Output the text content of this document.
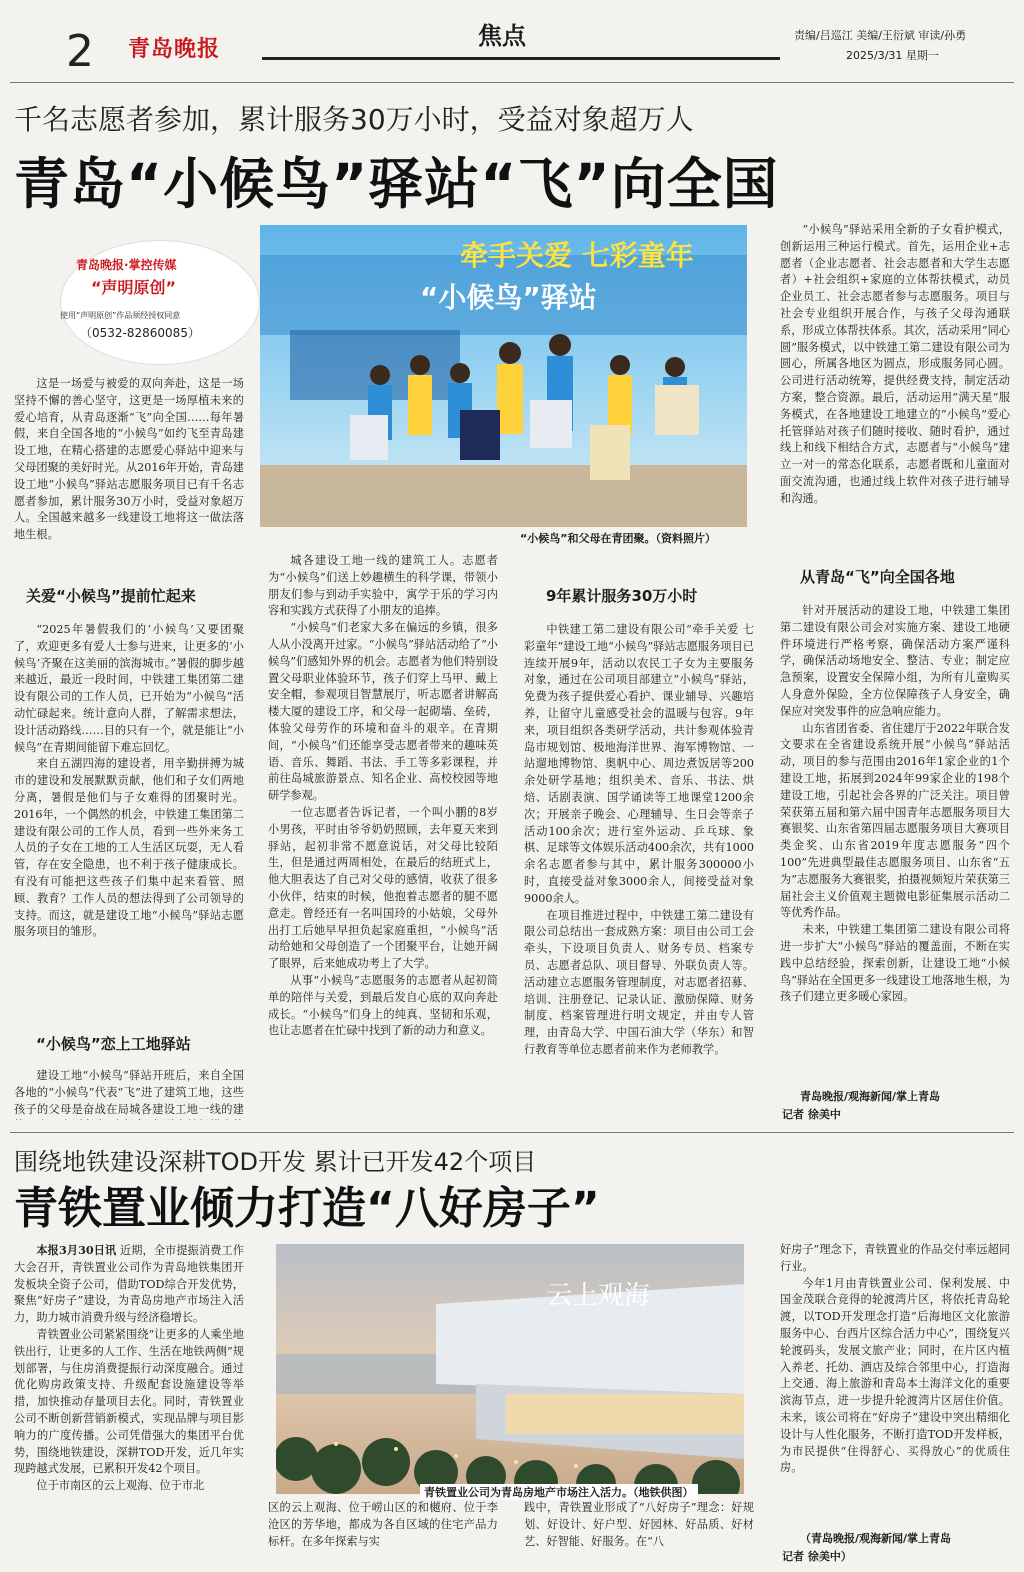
2 青岛晚报	焦点	责编/吕巡江 美编/王衍斌 审读/孙勇
2025/3/31 星期一
千名志愿者参加，累计服务30万小时，受益对象超万人
青岛“小候鸟”驿站“飞”向全国
青岛晚报·掌控传媒
“声明原创”
使用“声明原创”作品须经授权同意
（0532-82860085）
牵手关爱 七彩童年
“小候鸟”驿站
“小候鸟”和父母在青团聚。（资料照片）

这是一场爱与被爱的双向奔赴，这是一场坚持不懈的善心坚守，这更是一场厚植未来的爱心培育，从青岛逐渐“飞”向全国……每年暑假，来自全国各地的“小候鸟”如约飞至青岛建设工地，在精心搭建的志愿爱心驿站中迎来与父母团聚的美好时光。从2016年开始，青岛建设工地“小候鸟”驿站志愿服务项目已有千名志愿者参加，累计服务30万小时，受益对象超万人。全国越来越多一线建设工地将这一做法落地生根。

关爱“小候鸟”提前忙起来

“2025年暑假我们的‘小候鸟’又要团聚了，欢迎更多有爱人士参与进来，让更多的‘小候鸟’齐聚在这美丽的滨海城市。”暑假的脚步越来越近，最近一段时间，中铁建工集团第二建设有限公司的工作人员，已开始为“小候鸟”活动忙碌起来。统计意向人群，了解需求想法，设计活动路线……目的只有一个，就是能让“小候鸟”在青期间能留下难忘回忆。

来自五湖四海的建设者，用辛勤拼搏为城市的建设和发展默默贡献，他们和子女们两地分离，暑假是他们与子女难得的团聚时光。2016年，一个偶然的机会，中铁建工集团第二建设有限公司的工作人员，看到一些外来务工人员的子女在工地的工人生活区玩耍，无人看管，存在安全隐患，也不利于孩子健康成长。有没有可能把这些孩子们集中起来看管、照顾、教育？工作人员的想法得到了公司领导的支持。而这，就是建设工地“小候鸟”驿站志愿服务项目的雏形。

“小候鸟”恋上工地驿站

建设工地“小候鸟”驿站开班后，来自全国各地的“小候鸟”代表“飞”进了建筑工地，这些孩子的父母是奋战在局城各建设工地一线的建

城各建设工地一线的建筑工人。志愿者为“小候鸟”们送上妙趣横生的科学课，带领小朋友们参与到动手实验中，寓学于乐的学习内容和实践方式获得了小朋友的追捧。

“小候鸟”们老家大多在偏远的乡镇，很多人从小没离开过家。“小候鸟”驿站活动给了“小候鸟”们感知外界的机会。志愿者为他们特别设置父母职业体验环节，孩子们穿上马甲、戴上安全帽，参观项目智慧展厅，听志愿者讲解高楼大厦的建设工序，和父母一起砌墙、垒砖，体验父母劳作的环境和奋斗的艰辛。在青期间，“小候鸟”们还能享受志愿者带来的趣味英语、音乐、舞蹈、书法、手工等多彩课程，并前往岛城旅游景点、知名企业、高校校园等地研学参观。

一位志愿者告诉记者，一个叫小鹏的8岁小男孩，平时由爷爷奶奶照顾，去年夏天来到驿站，起初非常不愿意说话，对父母比较陌生，但是通过两周相处，在最后的结班式上，他大胆表达了自己对父母的感情，收获了很多小伙伴，结束的时候，他抱着志愿者的腿不愿意走。曾经还有一名叫国玲的小姑娘，父母外出打工后她早早担负起家庭重担，“小候鸟”活动给她和父母创造了一个团聚平台，让她开阔了眼界，后来她成功考上了大学。

从事“小候鸟”志愿服务的志愿者从起初简单的陪伴与关爱，到最后发自心底的双向奔赴成长。“小候鸟”们身上的纯真、坚韧和乐观，也让志愿者在忙碌中找到了新的动力和意义。

9年累计服务30万小时

中铁建工第二建设有限公司“牵手关爱 七彩童年”建设工地“小候鸟”驿站志愿服务项目已连续开展9年，活动以农民工子女为主要服务对象，通过在公司项目部建立“小候鸟”驿站，免费为孩子提供爱心看护、课业辅导、兴趣培养，让留守儿童感受社会的温暖与包容。9年来，项目组织各类研学活动，共计参观体验青岛市规划馆、极地海洋世界、海军博物馆、一站遛地博物馆、奥帆中心、周边煮饭居等200余处研学基地；组织美术、音乐、书法、烘焙、话剧表演、国学诵读等工地课堂1200余次；开展亲子晚会、心理辅导、生日会等亲子活动100余次；进行室外运动、乒乓球、象棋、足球等文体娱乐活动400余次，共有1000余名志愿者参与其中，累计服务300000小时，直接受益对象3000余人，间接受益对象9000余人。

在项目推进过程中，中铁建工第二建设有限公司总结出一套成熟方案：项目由公司工会牵头，下设项目负责人、财务专员、档案专员、志愿者总队、项目督导、外联负责人等。活动建立志愿服务管理制度，对志愿者招募、培训、注册登记、记录认证、激励保障、财务制度、档案管理进行明文规定，并由专人管理，由青岛大学、中国石油大学（华东）和智行教育等单位志愿者前来作为老师教学。

“小候鸟”驿站采用全新的子女看护模式，创新运用三种运行模式。首先，运用企业+志愿者（企业志愿者、社会志愿者和大学生志愿者）+社会组织+家庭的立体帮扶模式，动员企业员工、社会志愿者参与志愿服务。项目与社会专业组织开展合作，与孩子父母沟通联系，形成立体帮扶体系。其次，活动采用“同心圆”服务模式，以中铁建工第二建设有限公司为圆心，所属各地区为圆点，形成服务同心圆。公司进行活动统筹，提供经费支持，制定活动方案，整合资源。最后，活动运用“满天星”服务模式，在各地建设工地建立的“小候鸟”爱心托管驿站对孩子们随时接收、随时看护，通过线上和线下相结合方式，志愿者与“小候鸟”建立一对一的常态化联系，志愿者既和儿童面对面交流沟通，也通过线上软件对孩子进行辅导和沟通。

从青岛“飞”向全国各地

针对开展活动的建设工地，中铁建工集团第二建设有限公司会对实施方案、建设工地硬件环境进行严格考察，确保活动方案严谨科学，确保活动场地安全、整洁、专业；制定应急预案，设置安全保障小组，为所有儿童购买人身意外保险，全方位保障孩子人身安全，确保应对突发事件的应急响应能力。

山东省团省委、省住建厅于2022年联合发文要求在全省建设系统开展“小候鸟”驿站活动，项目的参与范围由2016年1家企业的1个建设工地，拓展到2024年99家企业的198个建设工地，引起社会各界的广泛关注。项目曾荣获第五届和第六届中国青年志愿服务项目大赛银奖、山东省第四届志愿服务项目大赛项目类金奖、山东省2019年度志愿服务“四个100”先进典型最佳志愿服务项目、山东省“五为”志愿服务大赛银奖，拍摄视频短片荣获第三届社会主义价值观主题微电影征集展示活动二等优秀作品。

未来，中铁建工集团第二建设有限公司将进一步扩大“小候鸟”驿站的覆盖面，不断在实践中总结经验，探索创新，让建设工地“小候鸟”驿站在全国更多一线建设工地落地生根，为孩子们建立更多暖心家园。

青岛晚报/观海新闻/掌上青岛
记者 徐美中
围绕地铁建设深耕TOD开发 累计已开发42个项目
青铁置业倾力打造“八好房子”
云上观海
青铁置业公司为青岛房地产市场注入活力。（地铁供图）

本报3月30日讯 近期，全市提振消费工作大会召开，青铁置业公司作为青岛地铁集团开发板块全资子公司，借助TOD综合开发优势，聚焦“好房子”建设，为青岛房地产市场注入活力，助力城市消费升级与经济稳增长。

青铁置业公司紧紧围绕“让更多的人乘坐地铁出行，让更多的人工作、生活在地铁两侧”规划部署，与住房消费提振行动深度融合。通过优化购房政策支持、升级配套设施建设等举措，加快推动存量项目去化。同时，青铁置业公司不断创新营销新模式，实现品牌与项目影响力的广度传播。公司凭借强大的集团平台优势，围绕地铁建设，深耕TOD开发，近几年实现跨越式发展，已累积开发42个项目。

位于市南区的云上观海、位于市北

区的云上观海、位于崂山区的和樾府、位于李沧区的芳华地，都成为各自区域的住宅产品力标杆。在多年探索与实

践中，青铁置业形成了“八好房子”理念：好规划、好设计、好户型、好园林、好品质、好材艺、好智能、好服务。在“八

好房子”理念下，青铁置业的作品交付率远超同行业。

今年1月由青铁置业公司、保利发展、中国金茂联合竞得的轮渡湾片区，将依托青岛轮渡，以TOD开发理念打造“后海地区文化旅游服务中心、台西片区综合活力中心”，围绕复兴轮渡码头，发展文旅产业；同时，在片区内植入养老、托幼、酒店及综合邻里中心，打造海上交通、海上旅游和青岛本土海洋文化的重要滨海节点，进一步提升轮渡湾片区居住价值。未来，该公司将在“好房子”建设中突出精细化设计与人性化服务，不断打造TOD开发样板，为市民提供“住得舒心、买得放心”的优质住房。

（青岛晚报/观海新闻/掌上青岛
记者 徐美中）
